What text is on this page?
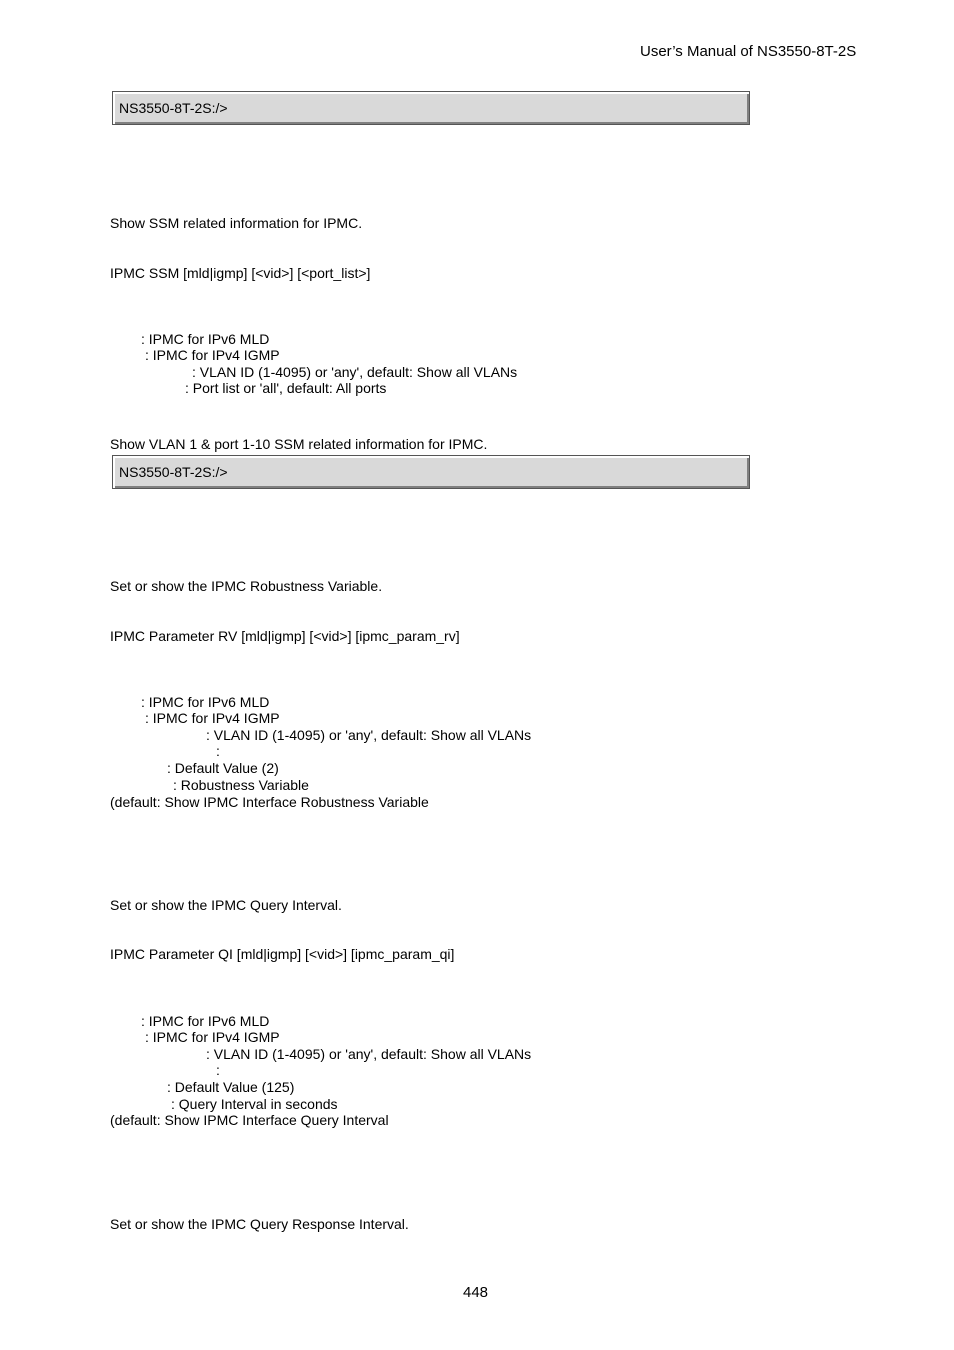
User’s Manual of NS3550-8T-2S
NS3550-8T-2S:/>
Show SSM related information for IPMC.
IPMC SSM [mld|igmp] [<vid>] [<port_list>]
: IPMC for IPv6 MLD
: IPMC for IPv4 IGMP
: VLAN ID (1-4095) or 'any', default: Show all VLANs
: Port list or 'all', default: All ports
Show VLAN 1 & port 1-10 SSM related information for IPMC.
NS3550-8T-2S:/>
Set or show the IPMC Robustness Variable.
IPMC Parameter RV [mld|igmp] [<vid>] [ipmc_param_rv]
: IPMC for IPv6 MLD
: IPMC for IPv4 IGMP
: VLAN ID (1-4095) or 'any', default: Show all VLANs
:
: Default Value (2)
: Robustness Variable
(default: Show IPMC Interface Robustness Variable
Set or show the IPMC Query Interval.
IPMC Parameter QI [mld|igmp] [<vid>] [ipmc_param_qi]
: IPMC for IPv6 MLD
: IPMC for IPv4 IGMP
: VLAN ID (1-4095) or 'any', default: Show all VLANs
:
: Default Value (125)
: Query Interval in seconds
(default: Show IPMC Interface Query Interval
Set or show the IPMC Query Response Interval.
448
